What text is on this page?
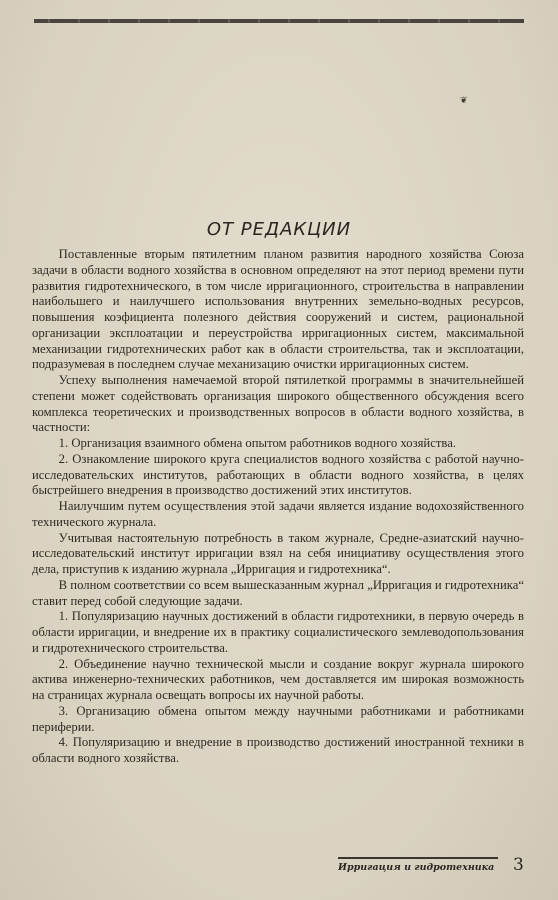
❦
ОТ РЕДАКЦИИ

Поставленные вторым пятилетним планом развития народного хозяйства Союза задачи в области водного хозяйства в основном определяют на этот период времени пути развития гидротехнического, в том числе ирригационного, строительства в направлении наибольшего и наилучшего использования внутренних земельно-водных ресурсов, повышения коэфициента полезного действия сооружений и систем, рациональной организации эксплоатации и переустройства ирригационных систем, максимальной механизации гидротехнических работ как в области строительства, так и эксплоатации, подразумевая в последнем случае механизацию очистки ирригационных систем.

Успеху выполнения намечаемой второй пятилеткой программы в значительнейшей степени может содействовать организация широкого общественного обсуждения всего комплекса теоретических и производственных вопросов в области водного хозяйства, в частности:

1. Организация взаимного обмена опытом работников водного хозяйства.

2. Ознакомление широкого круга специалистов водного хозяйства с работой научно-исследовательских институтов, работающих в области водного хозяйства, в целях быстрейшего внедрения в производство достижений этих институтов.

Наилучшим путем осуществления этой задачи является издание водохозяйственного технического журнала.

Учитывая настоятельную потребность в таком журнале, Средне-азиатский научно-исследовательский институт ирригации взял на себя инициативу осуществления этого дела, приступив к изданию журнала „Ирригация и гидротехника“.

В полном соответствии со всем вышесказанным журнал „Ирригация и гидротехника“ ставит перед собой следующие задачи.

1. Популяризацию научных достижений в области гидротехники, в первую очередь в области ирригации, и внедрение их в практику социалистического землеводопользования и гидротехнического строительства.

2. Объединение научно технической мысли и создание вокруг журнала широкого актива инженерно-технических работников, чем доставляется им широкая возможность на страницах журнала освещать вопросы их научной работы.

3. Организацию обмена опытом между научными работниками и работниками периферии.

4. Популяризацию и внедрение в производство достижений иностранной техники в области водного хозяйства.

Ирригация и гидротехника 3
